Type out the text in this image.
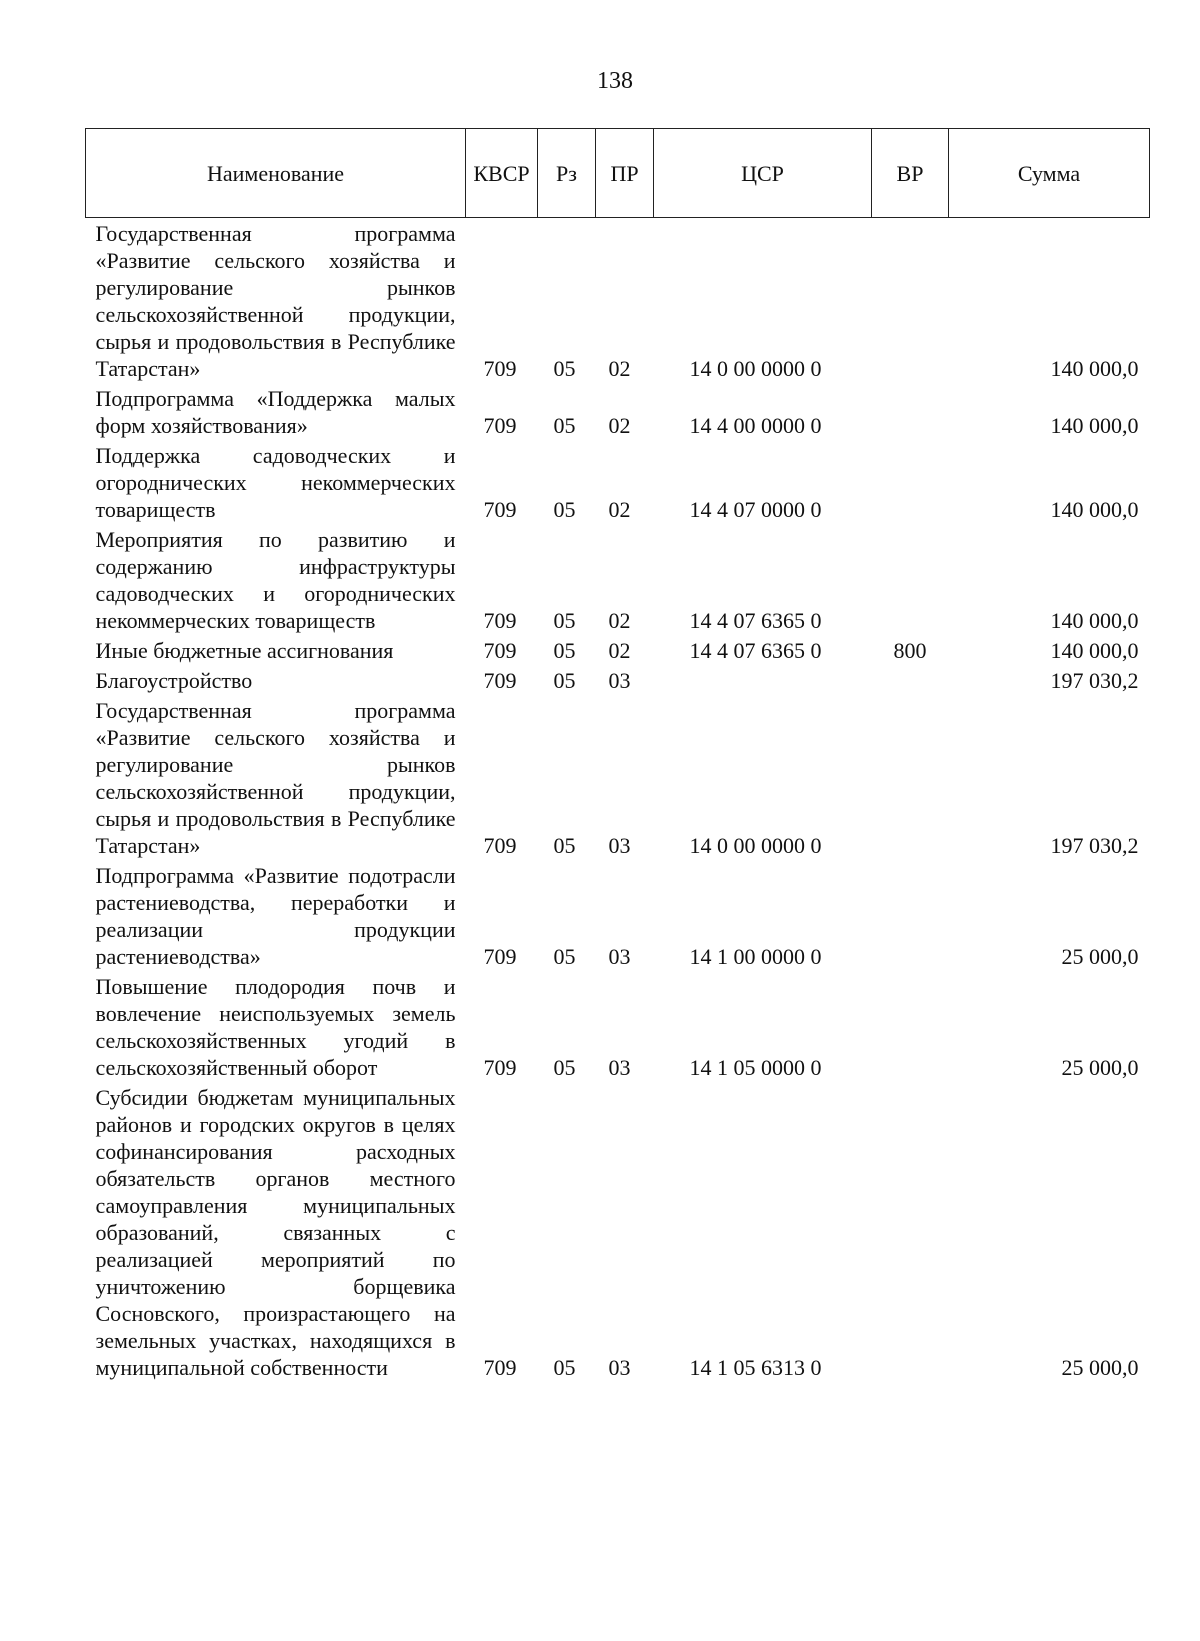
138
Наименование	КВСР	Рз	ПР	ЦСР	ВР	Сумма
Государственная программа «Развитие сельского хозяйства и регулирование рынков сельскохозяйственной продукции, сырья и продовольствия в Республике Татарстан»	709	05	02	14 0 00 0000 0		140 000,0
Подпрограмма «Поддержка малых форм хозяйствования»	709	05	02	14 4 00 0000 0		140 000,0
Поддержка садоводческих и огороднических некоммерческих товариществ	709	05	02	14 4 07 0000 0		140 000,0
Мероприятия по развитию и содержанию инфраструктуры садоводческих и огороднических некоммерческих товариществ	709	05	02	14 4 07 6365 0		140 000,0
Иные бюджетные ассигнования	709	05	02	14 4 07 6365 0	800	140 000,0
Благоустройство	709	05	03			197 030,2
Государственная программа «Развитие сельского хозяйства и регулирование рынков сельскохозяйственной продукции, сырья и продовольствия в Республике Татарстан»	709	05	03	14 0 00 0000 0		197 030,2
Подпрограмма «Развитие подотрасли растениеводства, переработки и реализации продукции растениеводства»	709	05	03	14 1 00 0000 0		25 000,0
Повышение плодородия почв и вовлечение неиспользуемых земель сельскохозяйственных угодий в сельскохозяйственный оборот	709	05	03	14 1 05 0000 0		25 000,0
Субсидии бюджетам муниципальных районов и городских округов в целях софинансирования расходных обязательств органов местного самоуправления муниципальных образований, связанных с реализацией мероприятий по уничтожению борщевика Сосновского, произрастающего на земельных участках, находящихся в муниципальной собственности	709	05	03	14 1 05 6313 0		25 000,0
